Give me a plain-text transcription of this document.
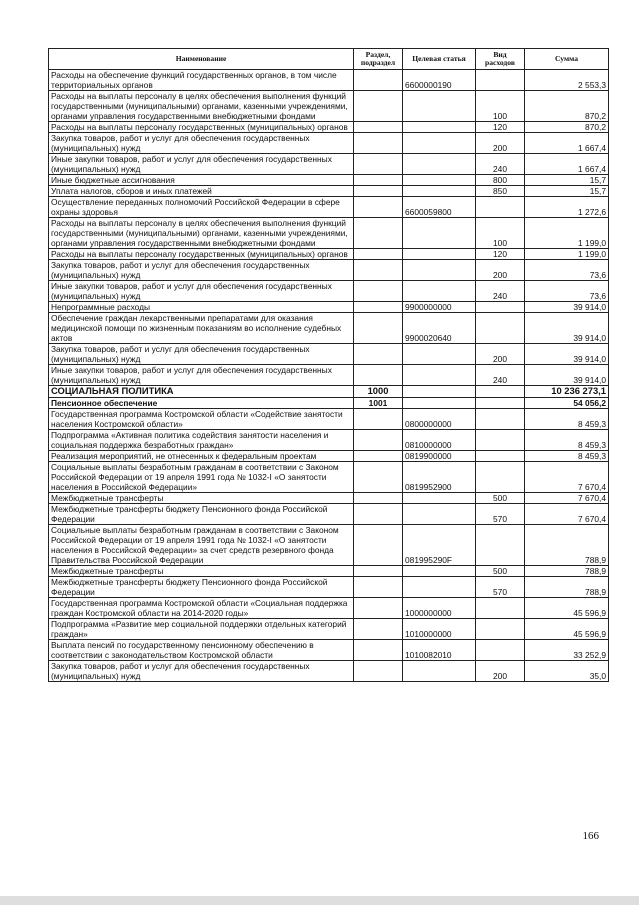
Наименование	Раздел, подраздел	Целевая статья	Вид расходов	Сумма
Расходы на обеспечение функций государственных органов, в том числе территориальных органов		6600000190		2 553,3
Расходы на выплаты персоналу в целях обеспечения выполнения функций государственными (муниципальными) органами, казенными учреждениями, органами управления государственными внебюджетными фондами			100	870,2
Расходы на выплаты персоналу государственных (муниципальных) органов			120	870,2
Закупка товаров, работ и услуг для обеспечения государственных (муниципальных) нужд			200	1 667,4
Иные закупки товаров, работ и услуг для обеспечения государственных (муниципальных) нужд			240	1 667,4
Иные бюджетные ассигнования			800	15,7
Уплата налогов, сборов и иных платежей			850	15,7
Осуществление переданных полномочий Российской Федерации в сфере охраны здоровья		6600059800		1 272,6
Расходы на выплаты персоналу в целях обеспечения выполнения функций государственными (муниципальными) органами, казенными учреждениями, органами управления государственными внебюджетными фондами			100	1 199,0
Расходы на выплаты персоналу государственных (муниципальных) органов			120	1 199,0
Закупка товаров, работ и услуг для обеспечения государственных (муниципальных) нужд			200	73,6
Иные закупки товаров, работ и услуг для обеспечения государственных (муниципальных) нужд			240	73,6
Непрограммные расходы		9900000000		39 914,0
Обеспечение граждан лекарственными препаратами для оказания медицинской помощи по жизненным показаниям во исполнение судебных актов		9900020640		39 914,0
Закупка товаров, работ и услуг для обеспечения государственных (муниципальных) нужд			200	39 914,0
Иные закупки товаров, работ и услуг для обеспечения государственных (муниципальных) нужд			240	39 914,0
СОЦИАЛЬНАЯ ПОЛИТИКА	1000			10 236 273,1
Пенсионное обеспечение	1001			54 056,2
Государственная программа Костромской области «Содействие занятости населения Костромской области»		0800000000		8 459,3
Подпрограмма «Активная политика содействия занятости населения и социальная поддержка безработных граждан»		0810000000		8 459,3
Реализация мероприятий, не отнесенных к федеральным проектам		0819900000		8 459,3
Социальные выплаты безработным гражданам в соответствии с Законом Российской Федерации от 19 апреля 1991 года № 1032-I «О занятости населения в Российской Федерации»		0819952900		7 670,4
Межбюджетные трансферты			500	7 670,4
Межбюджетные трансферты бюджету Пенсионного фонда Российской Федерации			570	7 670,4
Социальные выплаты безработным гражданам в соответствии с Законом Российской Федерации от 19 апреля 1991 года № 1032-I «О занятости населения в Российской Федерации» за счет средств резервного фонда Правительства Российской Федерации		081995290F		788,9
Межбюджетные трансферты			500	788,9
Межбюджетные трансферты бюджету Пенсионного фонда Российской Федерации			570	788,9
Государственная программа Костромской области «Социальная поддержка граждан Костромской области на 2014-2020 годы»		1000000000		45 596,9
Подпрограмма «Развитие мер социальной поддержки отдельных категорий граждан»		1010000000		45 596,9
Выплата пенсий по государственному пенсионному обеспечению в соответствии с законодательством Костромской области		1010082010		33 252,9
Закупка товаров, работ и услуг для обеспечения государственных (муниципальных) нужд			200	35,0
166
